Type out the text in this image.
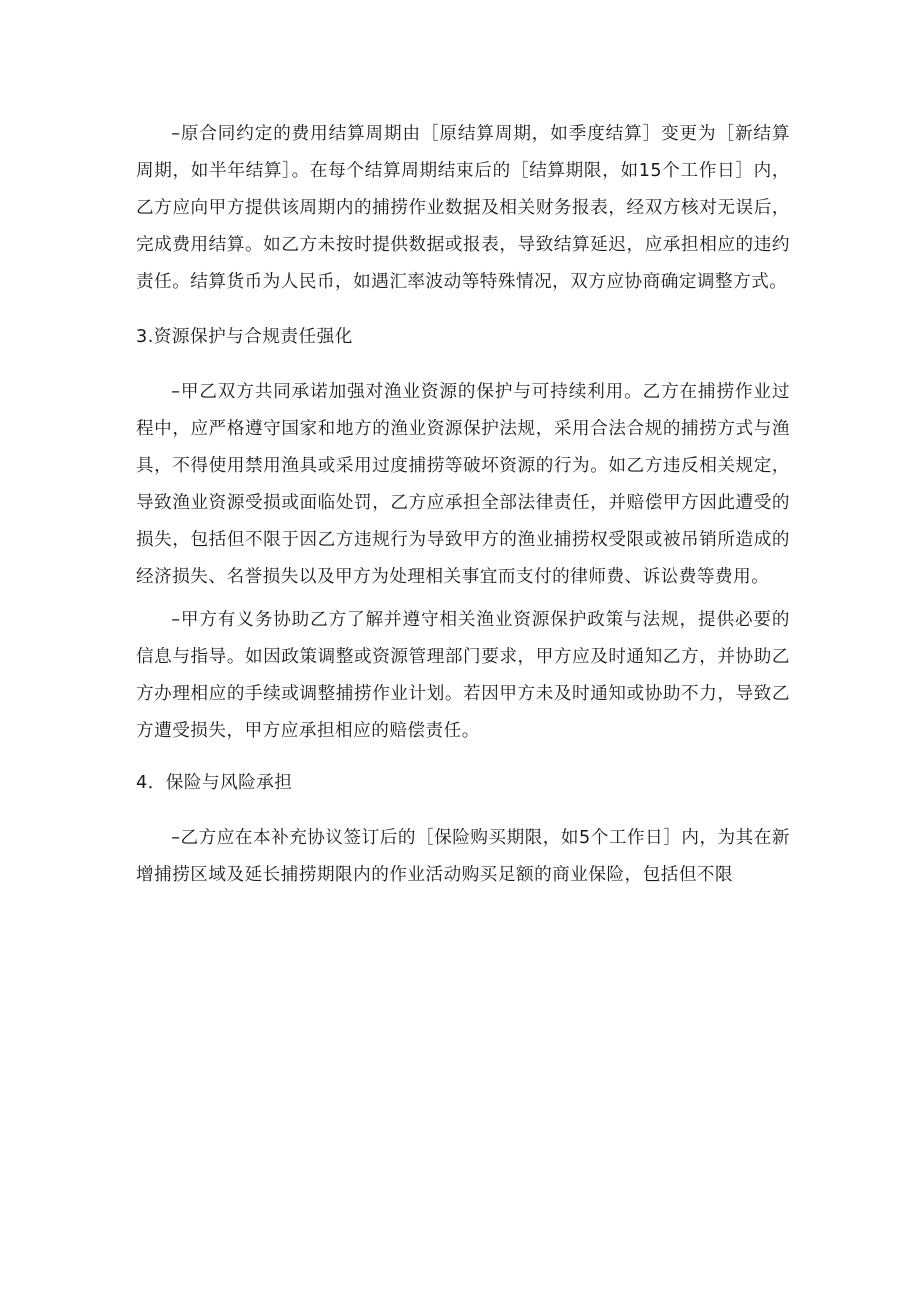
–原合同约定的费用结算周期由［原结算周期，如季度结算］变更为［新结算周期，如半年结算］。在每个结算周期结束后的［结算期限，如15个工作日］内，乙方应向甲方提供该周期内的捕捞作业数据及相关财务报表，经双方核对无误后，完成费用结算。如乙方未按时提供数据或报表，导致结算延迟，应承担相应的违约责任。结算货币为人民币，如遇汇率波动等特殊情况，双方应协商确定调整方式。

3.资源保护与合规责任强化

–甲乙双方共同承诺加强对渔业资源的保护与可持续利用。乙方在捕捞作业过程中，应严格遵守国家和地方的渔业资源保护法规，采用合法合规的捕捞方式与渔具，不得使用禁用渔具或采用过度捕捞等破坏资源的行为。如乙方违反相关规定，导致渔业资源受损或面临处罚，乙方应承担全部法律责任，并赔偿甲方因此遭受的损失，包括但不限于因乙方违规行为导致甲方的渔业捕捞权受限或被吊销所造成的经济损失、名誉损失以及甲方为处理相关事宜而支付的律师费、诉讼费等费用。

–甲方有义务协助乙方了解并遵守相关渔业资源保护政策与法规，提供必要的信息与指导。如因政策调整或资源管理部门要求，甲方应及时通知乙方，并协助乙方办理相应的手续或调整捕捞作业计划。若因甲方未及时通知或协助不力，导致乙方遭受损失，甲方应承担相应的赔偿责任。

4．保险与风险承担

–乙方应在本补充协议签订后的［保险购买期限，如5个工作日］内，为其在新增捕捞区域及延长捕捞期限内的作业活动购买足额的商业保险，包括但不限
